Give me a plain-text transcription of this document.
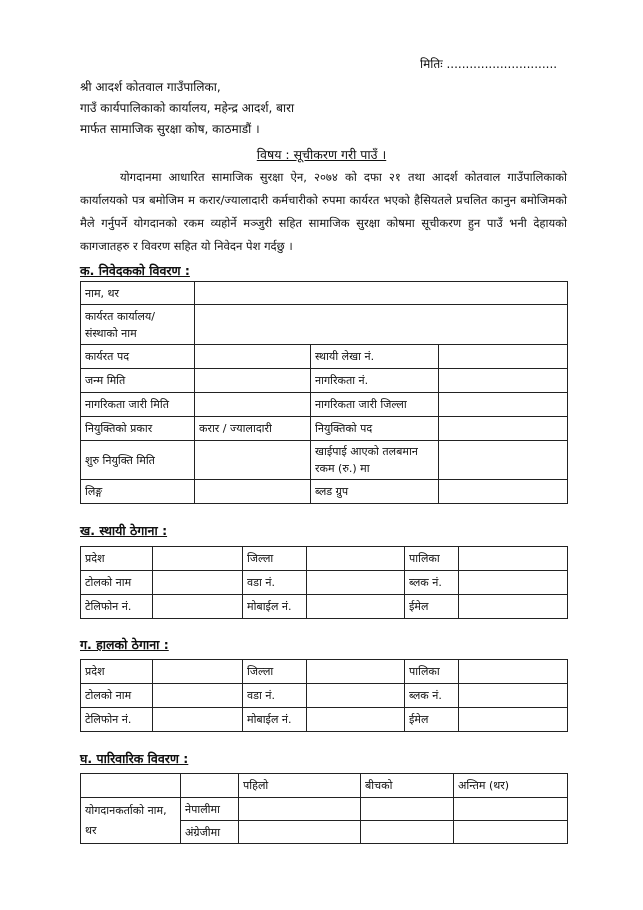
मितिः .............................
श्री आदर्श कोतवाल गाउँपालिका,
गाउँ कार्यपालिकाको कार्यालय, महेन्द्र आदर्श, बारा
मार्फत सामाजिक सुरक्षा कोष, काठमाडौं ।
विषय : सूचीकरण गरी पाउँ ।
योगदानमा आधारित सामाजिक सुरक्षा ऐन, २०७४ को दफा २१ तथा आदर्श कोतवाल गाउँपालिकाको कार्यालयको पत्र बमोजिम म करार/ज्यालादारी कर्मचारीको रुपमा कार्यरत भएको हैसियतले प्रचलित कानुन बमोजिमको मैले गर्नुपर्ने योगदानको रकम व्यहोर्ने मञ्जुरी सहित सामाजिक सुरक्षा कोषमा सूचीकरण हुन पाउँ भनी देहायको कागजातहरु र विवरण सहित यो निवेदन पेश गर्दछु ।
क. निवेदकको विवरण :
नाम, थर			
कार्यरत कार्यालय/ संस्थाको नाम			
कार्यरत पद		स्थायी लेखा नं.	
जन्म मिति		नागरिकता नं.	
नागरिकता जारी मिति		नागरिकता जारी जिल्ला	
नियुक्तिको प्रकार	करार / ज्यालादारी	नियुक्तिको पद	
शुरु नियुक्ति मिति		खाईपाई आएको तलबमान रकम (रु.) मा	
लिङ्ग		ब्लड ग्रुप	
ख. स्थायी ठेगाना :
प्रदेश		जिल्ला		पालिका	
टोलको नाम		वडा नं.		ब्लक नं.	
टेलिफोन नं.		मोबाईल नं.		ईमेल	
ग. हालको ठेगाना :
प्रदेश		जिल्ला		पालिका	
टोलको नाम		वडा नं.		ब्लक नं.	
टेलिफोन नं.		मोबाईल नं.		ईमेल	
घ. पारिवारिक विवरण :
		पहिलो	बीचको	अन्तिम (थर)
योगदानकर्ताको नाम, थर	नेपालीमा			
	अंग्रेजीमा			
